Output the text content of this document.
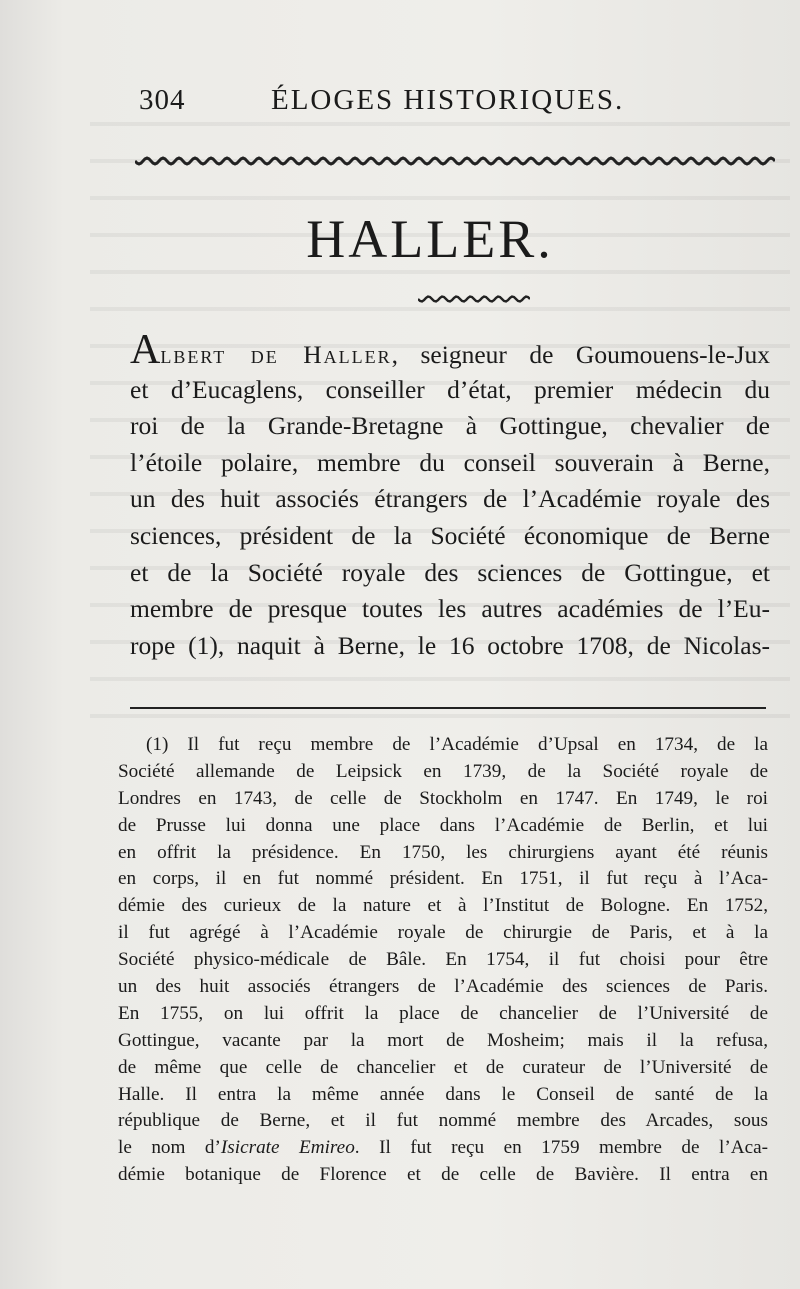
304	ÉLOGES HISTORIQUES.
HALLER.
Albert de Haller, seigneur de Goumouens-le-Jux
et d’Eucaglens, conseiller d’état, premier médecin du
roi de la Grande-Bretagne à Gottingue, chevalier de
l’étoile polaire, membre du conseil souverain à Berne,
un des huit associés étrangers de l’Académie royale des
sciences, président de la Société économique de Berne
et de la Société royale des sciences de Gottingue, et
membre de presque toutes les autres académies de l’Eu-
rope (1), naquit à Berne, le 16 octobre 1708, de Nicolas-
(1) Il fut reçu membre de l’Académie d’Upsal en 1734, de la
Société allemande de Leipsick en 1739, de la Société royale de
Londres en 1743, de celle de Stockholm en 1747. En 1749, le roi
de Prusse lui donna une place dans l’Académie de Berlin, et lui
en offrit la présidence. En 1750, les chirurgiens ayant été réunis
en corps, il en fut nommé président. En 1751, il fut reçu à l’Aca-
démie des curieux de la nature et à l’Institut de Bologne. En 1752,
il fut agrégé à l’Académie royale de chirurgie de Paris, et à la
Société physico-médicale de Bâle. En 1754, il fut choisi pour être
un des huit associés étrangers de l’Académie des sciences de Paris.
En 1755, on lui offrit la place de chancelier de l’Université de
Gottingue, vacante par la mort de Mosheim; mais il la refusa,
de même que celle de chancelier et de curateur de l’Université de
Halle. Il entra la même année dans le Conseil de santé de la
république de Berne, et il fut nommé membre des Arcades, sous
le nom d’Isicrate Emireo. Il fut reçu en 1759 membre de l’Aca-
démie botanique de Florence et de celle de Bavière. Il entra en
